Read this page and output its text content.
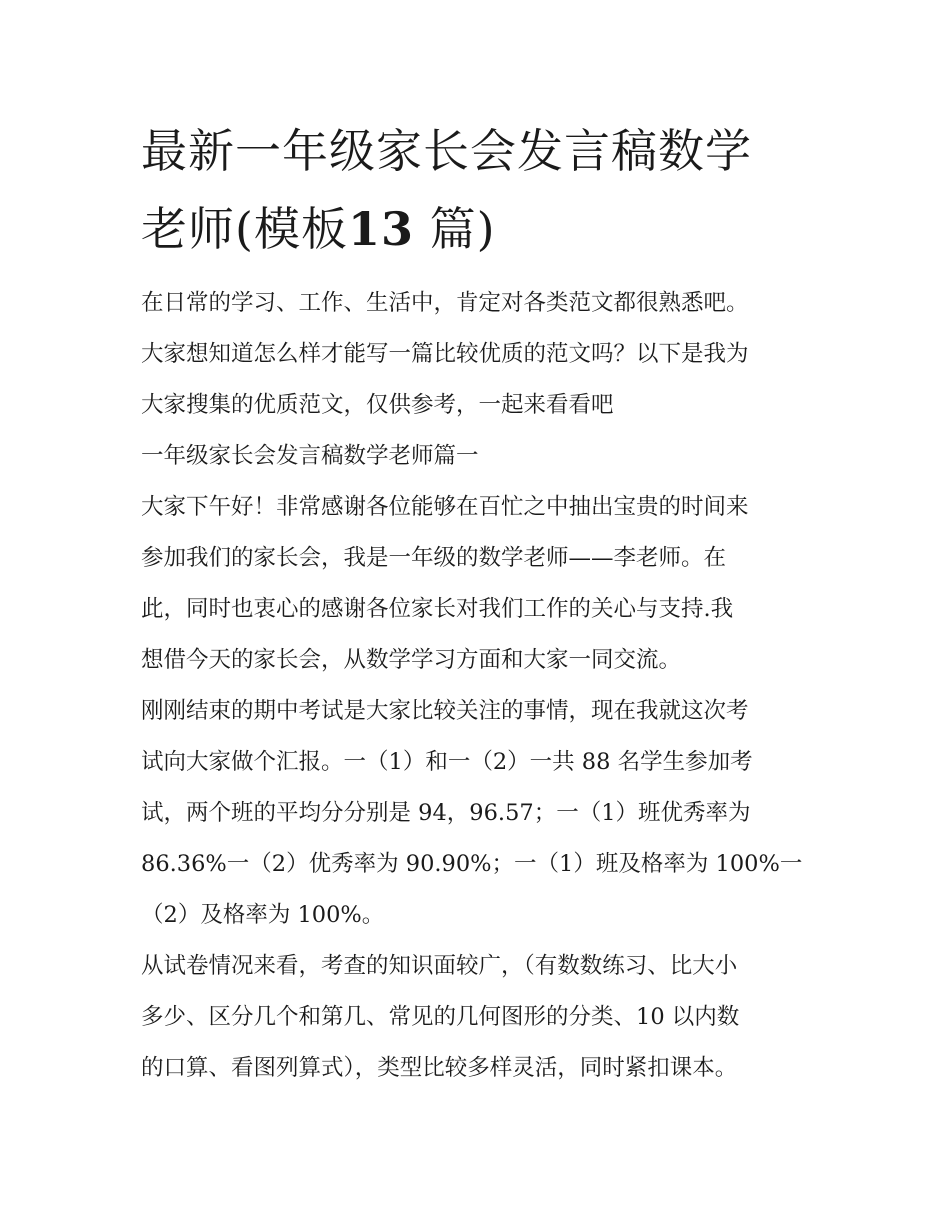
最新一年级家长会发言稿数学
老师(模板13 篇)

在日常的学习、工作、生活中，肯定对各类范文都很熟悉吧。
大家想知道怎么样才能写一篇比较优质的范文吗？以下是我为
大家搜集的优质范文，仅供参考，一起来看看吧

一年级家长会发言稿数学老师篇一

大家下午好！非常感谢各位能够在百忙之中抽出宝贵的时间来
参加我们的家长会，我是一年级的数学老师——李老师。在
此，同时也衷心的感谢各位家长对我们工作的关心与支持.我
想借今天的家长会，从数学学习方面和大家一同交流。

刚刚结束的期中考试是大家比较关注的事情，现在我就这次考
试向大家做个汇报。一（1）和一（2）一共 88 名学生参加考
试，两个班的平均分分别是 94，96.57；一（1）班优秀率为
86.36%一（2）优秀率为 90.90%；一（1）班及格率为 100%一
（2）及格率为 100%。

从试卷情况来看，考查的知识面较广，（有数数练习、比大小
多少、区分几个和第几、常见的几何图形的分类、10 以内数
的口算、看图列算式），类型比较多样灵活，同时紧扣课本。
